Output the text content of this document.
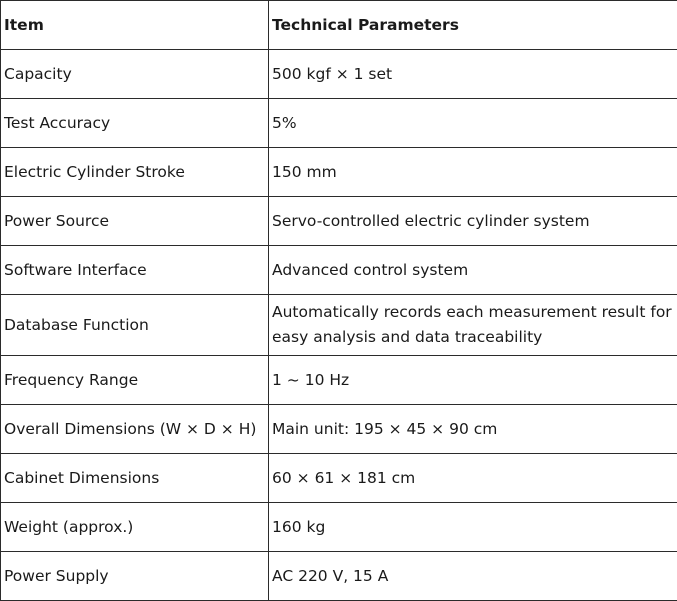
Item	Technical Parameters
Capacity	500 kgf × 1 set
Test Accuracy	5%
Electric Cylinder Stroke	150 mm
Power Source	Servo-controlled electric cylinder system
Software Interface	Advanced control system
Database Function	Automatically records each measurement result for easy analysis and data traceability
Frequency Range	1 ~ 10 Hz
Overall Dimensions (W × D × H)	Main unit: 195 × 45 × 90 cm
Cabinet Dimensions	60 × 61 × 181 cm
Weight (approx.)	160 kg
Power Supply	AC 220 V, 15 A
